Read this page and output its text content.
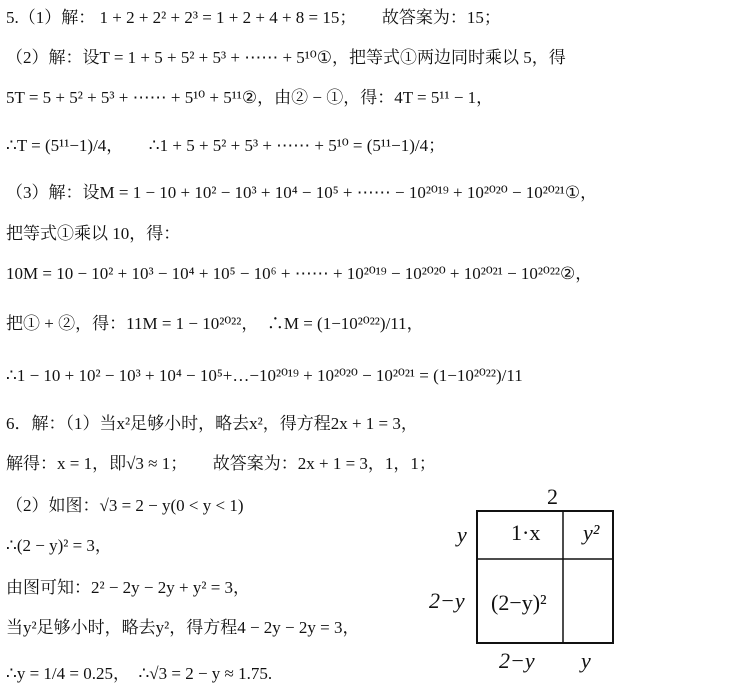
5.（1）解： 1 + 2 + 2² + 2³ = 1 + 2 + 4 + 8 = 15；　　故答案为：15；
（2）解：设T = 1 + 5 + 5² + 5³ + ⋯⋯ + 5¹⁰①，把等式①两边同时乘以 5，得
5T = 5 + 5² + 5³ + ⋯⋯ + 5¹⁰ + 5¹¹②，由② − ①，得：4T = 5¹¹ − 1，
∴T = (5¹¹−1)/4，　　∴1 + 5 + 5² + 5³ + ⋯⋯ + 5¹⁰ = (5¹¹−1)/4；
（3）解：设M = 1 − 10 + 10² − 10³ + 10⁴ − 10⁵ + ⋯⋯ − 10²⁰¹⁹ + 10²⁰²⁰ − 10²⁰²¹①，
把等式①乘以 10，得：
10M = 10 − 10² + 10³ − 10⁴ + 10⁵ − 10⁶ + ⋯⋯ + 10²⁰¹⁹ − 10²⁰²⁰ + 10²⁰²¹ − 10²⁰²²②，
把① + ②，得：11M = 1 − 10²⁰²²，　∴M = (1−10²⁰²²)/11，
∴1 − 10 + 10² − 10³ + 10⁴ − 10⁵+…−10²⁰¹⁹ + 10²⁰²⁰ − 10²⁰²¹ = (1−10²⁰²²)/11
6．解：（1）当x²足够小时，略去x²，得方程2x + 1 = 3，
解得：x = 1，即√3 ≈ 1；　　故答案为：2x + 1 = 3，1，1；
（2）如图：√3 = 2 − y(0 < y < 1)
∴(2 − y)² = 3，
由图可知：2² − 2y − 2y + y² = 3，
当y²足够小时，略去y²，得方程4 − 2y − 2y = 3，
∴y = 1/4 = 0.25，　∴√3 = 2 − y ≈ 1.75.
2
y
2−y
1·x y²
(2−y)²
2−y y
